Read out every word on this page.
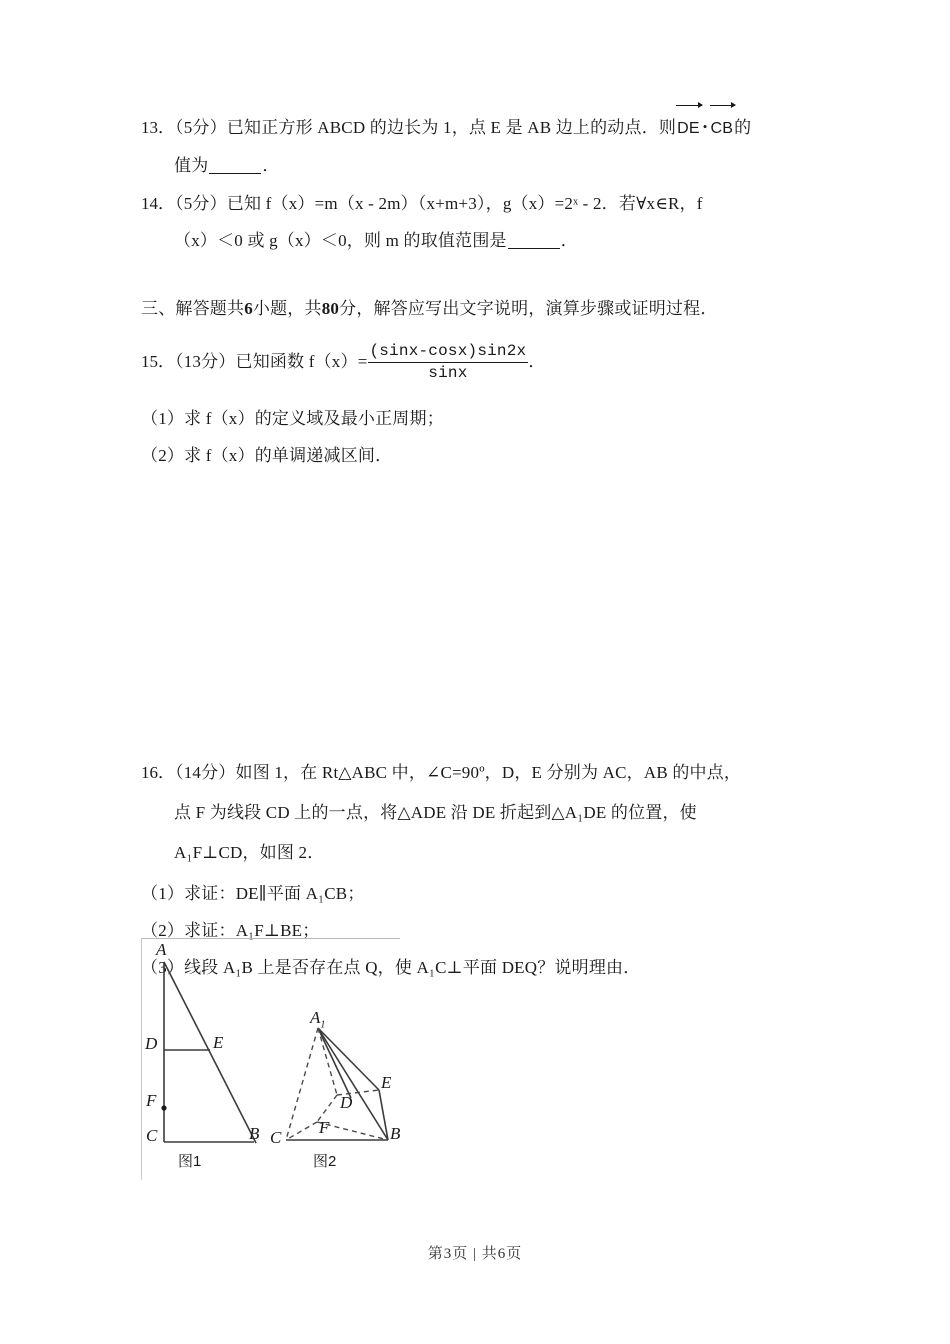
13．（5分）已知正方形 ABCD 的边长为 1，点 E 是 AB 边上的动点．则DE • CB的
值为	．
14．（5分）已知 f（x）=m（x - 2m）（x+m+3），g（x）=2ˣ - 2．若∀x∈R，f
（x）＜0 或 g（x）＜0，则 m 的取值范围是	．
三、解答题共6小题，共80分，解答应写出文字说明，演算步骤或证明过程．
15．（13分）已知函数 $f(x)= \frac{(\sin x-\cos x)\sin 2x}{\sin x}$ ．
（1）求 f（x）的定义域及最小正周期；
（2）求 f（x）的单调递减区间．
16．（14分）如图 1，在 Rt△ABC 中，∠C=90º，D，E 分别为 AC，AB 的中点，
点 F 为线段 CD 上的一点，将△ADE 沿 DE 折起到△A₁DE 的位置，使
A₁F⊥CD，如图 2．
（1）求证：DE∥平面 A₁CB；
（2）求证：A₁F⊥BE；
（3）线段 A₁B 上是否存在点 Q，使 A₁C⊥平面 DEQ？说明理由．
A
B
C
D	E
F
$A_1$
B
C
D
E
F
图1	图2
第3页 | 共6页
